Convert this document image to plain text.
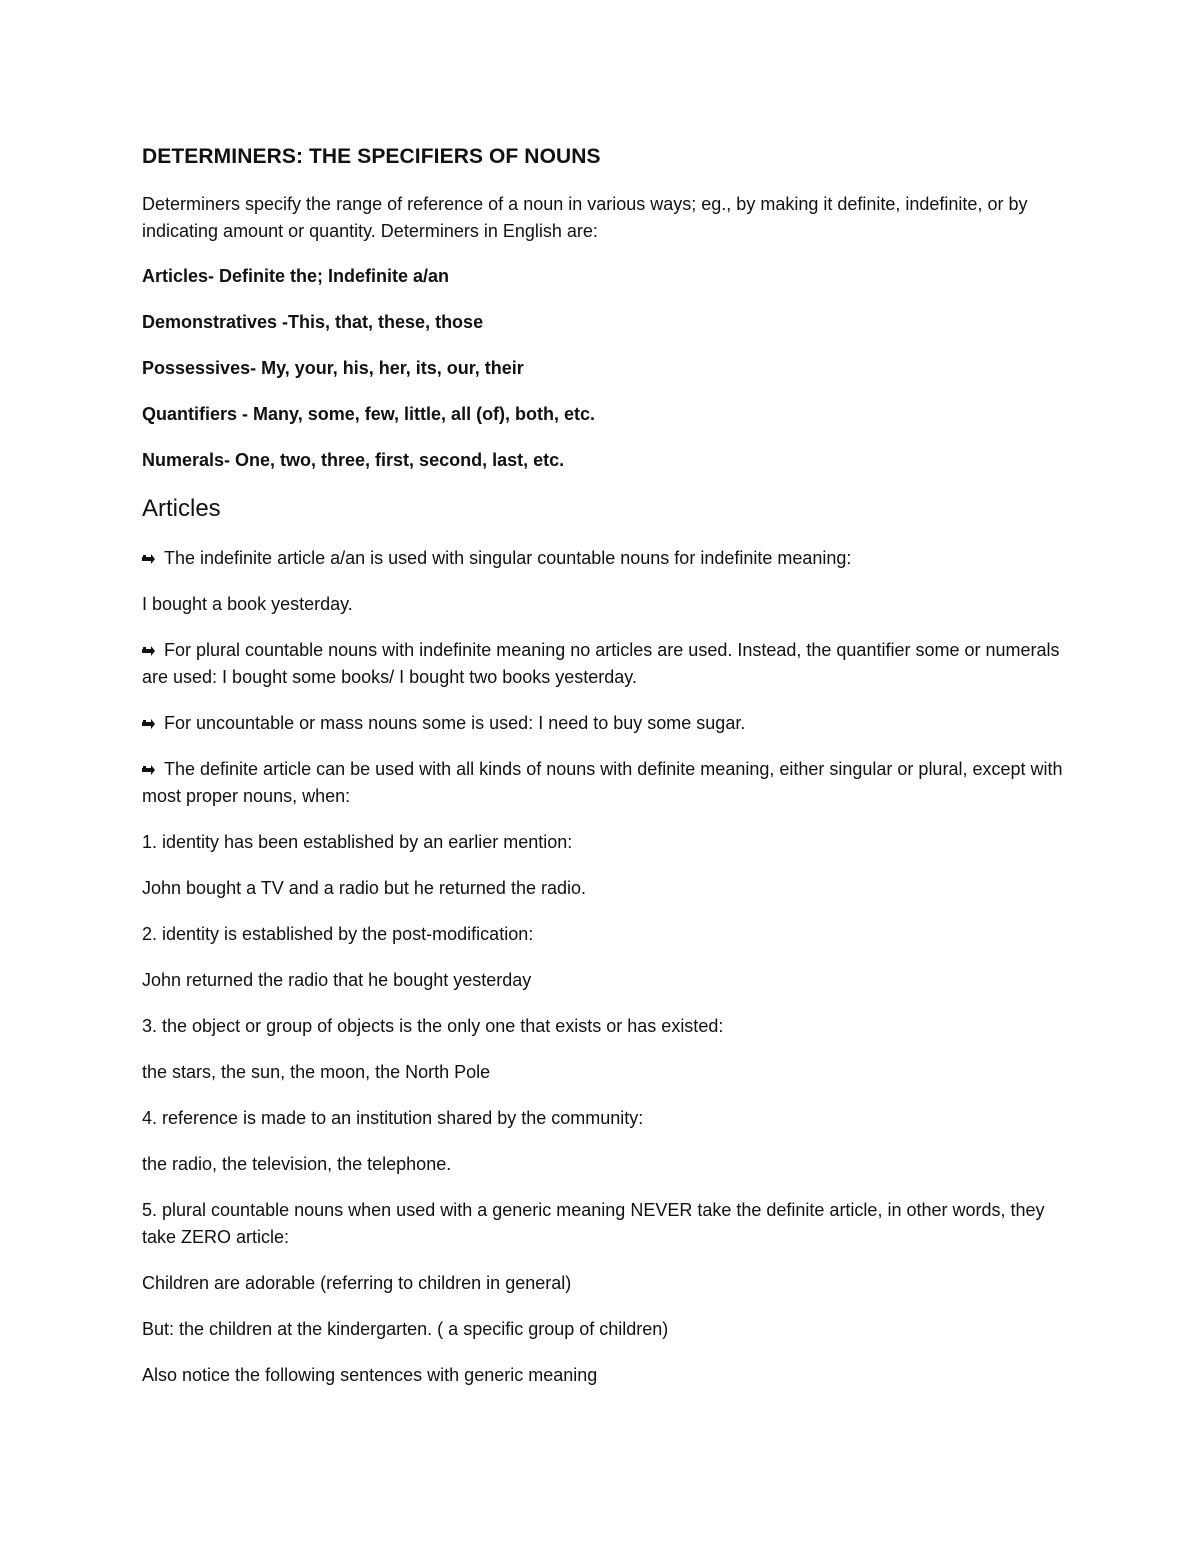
DETERMINERS: THE SPECIFIERS OF NOUNS

Determiners specify the range of reference of a noun in various ways; eg., by making it definite, indefinite, or by indicating amount or quantity. Determiners in English are:

Articles- Definite the; Indefinite a/an

Demonstratives -This, that, these, those

Possessives- My, your, his, her, its, our, their

Quantifiers - Many, some, few, little, all (of), both, etc.

Numerals- One, two, three, first, second, last, etc.

Articles

The indefinite article a/an is used with singular countable nouns for indefinite meaning:

I bought a book yesterday.

For plural countable nouns with indefinite meaning no articles are used. Instead, the quantifier some or numerals are used: I bought some books/ I bought two books yesterday.

For uncountable or mass nouns some is used: I need to buy some sugar.

The definite article can be used with all kinds of nouns with definite meaning, either singular or plural, except with most proper nouns, when:

1. identity has been established by an earlier mention:

John bought a TV and a radio but he returned the radio.

2. identity is established by the post-modification:

John returned the radio that he bought yesterday

3. the object or group of objects is the only one that exists or has existed:

the stars, the sun, the moon, the North Pole

4. reference is made to an institution shared by the community:

the radio, the television, the telephone.

5. plural countable nouns when used with a generic meaning NEVER take the definite article, in other words, they take ZERO article:

Children are adorable (referring to children in general)

But: the children at the kindergarten. ( a specific group of children)

Also notice the following sentences with generic meaning
